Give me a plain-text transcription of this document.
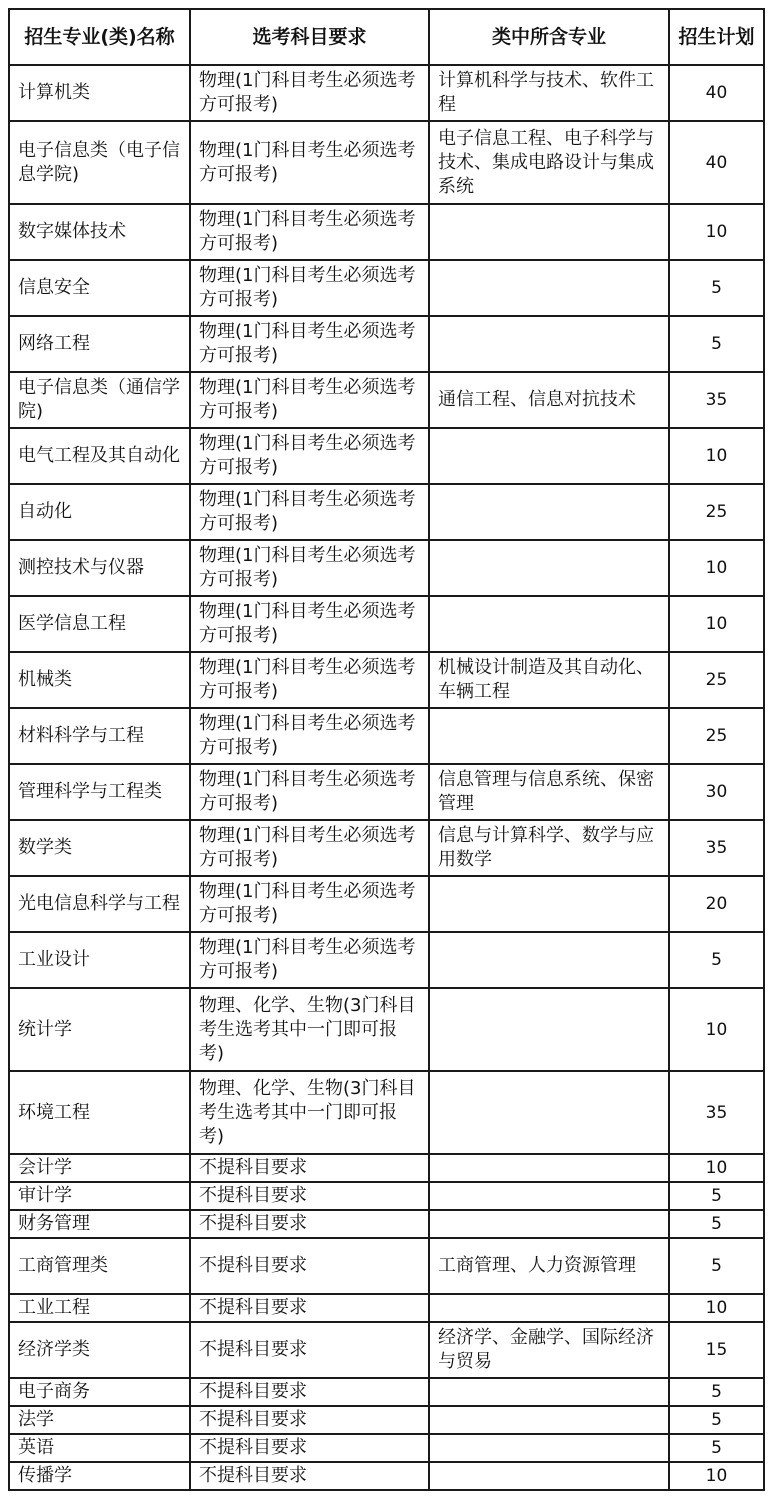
招生专业(类)名称	选考科目要求	类中所含专业	招生计划
计算机类	物理(1门科目考生必须选考方可报考)	计算机科学与技术、软件工程	40
电子信息类（电子信息学院)	物理(1门科目考生必须选考方可报考)	电子信息工程、电子科学与技术、集成电路设计与集成系统	40
数字媒体技术	物理(1门科目考生必须选考方可报考)		10
信息安全	物理(1门科目考生必须选考方可报考)		5
网络工程	物理(1门科目考生必须选考方可报考)		5
电子信息类（通信学院)	物理(1门科目考生必须选考方可报考)	通信工程、信息对抗技术	35
电气工程及其自动化	物理(1门科目考生必须选考方可报考)		10
自动化	物理(1门科目考生必须选考方可报考)		25
测控技术与仪器	物理(1门科目考生必须选考方可报考)		10
医学信息工程	物理(1门科目考生必须选考方可报考)		10
机械类	物理(1门科目考生必须选考方可报考)	机械设计制造及其自动化、车辆工程	25
材料科学与工程	物理(1门科目考生必须选考方可报考)		25
管理科学与工程类	物理(1门科目考生必须选考方可报考)	信息管理与信息系统、保密管理	30
数学类	物理(1门科目考生必须选考方可报考)	信息与计算科学、数学与应用数学	35
光电信息科学与工程	物理(1门科目考生必须选考方可报考)		20
工业设计	物理(1门科目考生必须选考方可报考)		5
统计学	物理、化学、生物(3门科目考生选考其中一门即可报考)		10
环境工程	物理、化学、生物(3门科目考生选考其中一门即可报考)		35
会计学	不提科目要求		10
审计学	不提科目要求		5
财务管理	不提科目要求		5
工商管理类	不提科目要求	工商管理、人力资源管理	5
工业工程	不提科目要求		10
经济学类	不提科目要求	经济学、金融学、国际经济与贸易	15
电子商务	不提科目要求		5
法学	不提科目要求		5
英语	不提科目要求		5
传播学	不提科目要求		10
